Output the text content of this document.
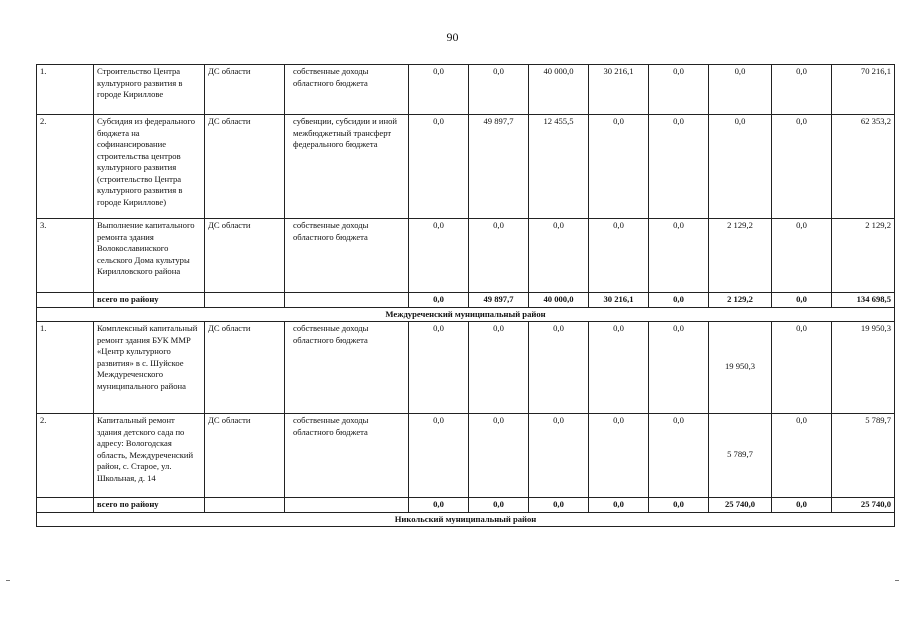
90
1.	Строительство Центра культурного развития в городе Кириллове	ДС области	собственные доходы областного бюджета	0,0	0,0	40 000,0	30 216,1	0,0	0,0	0,0	70 216,1
2.	Субсидия из федерального бюджета на софинансирование строительства центров культурного развития (строительство Центра культурного развития в городе Кириллове)	ДС области	субвенции, субсидии и иной межбюджетный трансферт федерального бюджета	0,0	49 897,7	12 455,5	0,0	0,0	0,0	0,0	62 353,2
3.	Выполнение капитального ремонта здания Волокославинского сельского Дома культуры Кирилловского района	ДС области	собственные доходы областного бюджета	0,0	0,0	0,0	0,0	0,0	2 129,2	0,0	2 129,2
	всего по району			0,0	49 897,7	40 000,0	30 216,1	0,0	2 129,2	0,0	134 698,5
Междуреченский муниципальный район											
1.	Комплексный капитальный ремонт здания БУК ММР «Центр культурного развития» в с. Шуйское Междуреченского муниципального района	ДС области	собственные доходы областного бюджета	0,0	0,0	0,0	0,0	0,0	19 950,3	0,0	19 950,3
2.	Капитальный ремонт здания детского сада по адресу: Вологодская область, Междуреченский район, с. Старое, ул. Школьная, д. 14	ДС области	собственные доходы областного бюджета	0,0	0,0	0,0	0,0	0,0	5 789,7	0,0	5 789,7
	всего по району			0,0	0,0	0,0	0,0	0,0	25 740,0	0,0	25 740,0
Никольский муниципальный район											
